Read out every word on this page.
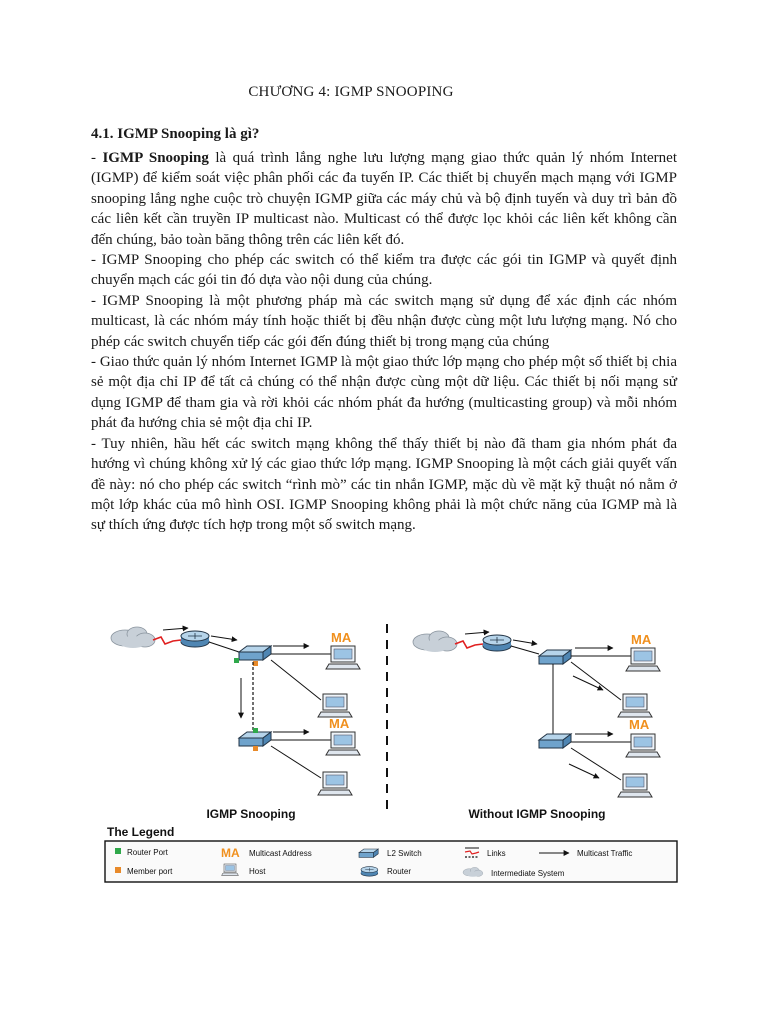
CHƯƠNG 4: IGMP SNOOPING
4.1. IGMP Snooping là gì?

- IGMP Snooping là quá trình lắng nghe lưu lượng mạng giao thức quản lý nhóm Internet (IGMP) để kiểm soát việc phân phối các đa tuyến IP. Các thiết bị chuyển mạch mạng với IGMP snooping lắng nghe cuộc trò chuyện IGMP giữa các máy chủ và bộ định tuyến và duy trì bản đồ các liên kết cần truyền IP multicast nào. Multicast có thể được lọc khỏi các liên kết không cần đến chúng, bảo toàn băng thông trên các liên kết đó.

- IGMP Snooping cho phép các switch có thể kiểm tra được các gói tin IGMP và quyết định chuyển mạch các gói tin đó dựa vào nội dung của chúng.

- IGMP Snooping là một phương pháp mà các switch mạng sử dụng để xác định các nhóm multicast, là các nhóm máy tính hoặc thiết bị đều nhận được cùng một lưu lượng mạng. Nó cho phép các switch chuyển tiếp các gói đến đúng thiết bị trong mạng của chúng

- Giao thức quản lý nhóm Internet IGMP là một giao thức lớp mạng cho phép một số thiết bị chia sẻ một địa chỉ IP để tất cả chúng có thể nhận được cùng một dữ liệu. Các thiết bị nối mạng sử dụng IGMP để tham gia và rời khỏi các nhóm phát đa hướng (multicasting group) và mỗi nhóm phát đa hướng chia sẻ một địa chỉ IP.

- Tuy nhiên, hầu hết các switch mạng không thể thấy thiết bị nào đã tham gia nhóm phát đa hướng vì chúng không xử lý các giao thức lớp mạng. IGMP Snooping là một cách giải quyết vấn đề này: nó cho phép các switch “rình mò” các tin nhắn IGMP, mặc dù về mặt kỹ thuật nó nằm ở một lớp khác của mô hình OSI. IGMP Snooping không phải là một chức năng của IGMP mà là sự thích ứng được tích hợp trong một số switch mạng.

MA
MA
IGMP Snooping
MA
MA
Without IGMP Snooping
The Legend
Router Port
Member port
MA Multicast Address
Host
L2 Switch
Router
Links	Multicast Traffic
Intermediate System
